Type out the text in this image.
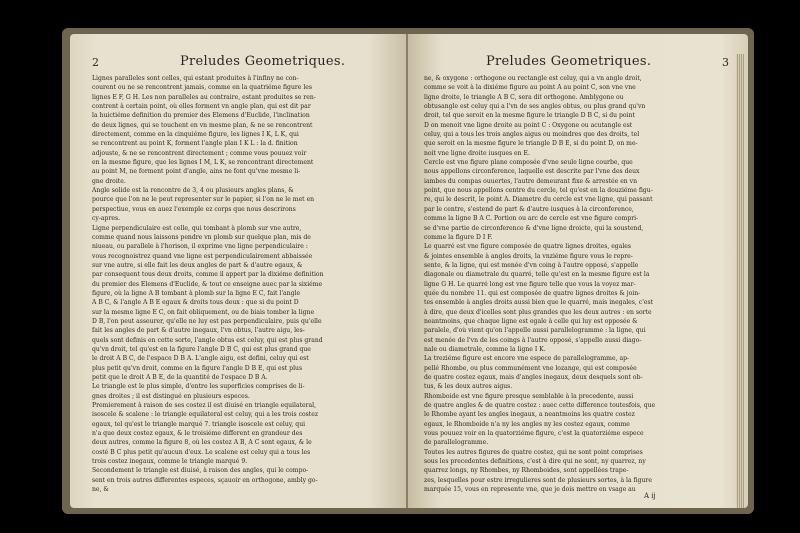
2	Preludes Geometriques.
Lignes paralleles sont celles, qui estant produites à l'infiny ne con-
courent ou ne se rencontrent jamais, comme en la quatriéme figure les
lignes E F, G H. Les non paralleles au contraire, estant produites se ren-
contrent à certain point, où elles forment vn angle plan, qui est dit par
la huictiéme definition du premier des Elemens d'Euclide, l'inclination
de deux lignes, qui se touchent en vn mesme plan, & ne se rencontrent
directement, comme en la cinquiéme figure, les lignes I K, L K, qui
se rencontrent au point K, forment l'angle plan I K L : la d. finition
adjouste, & ne se rencontrent directement ; comme vous pouuez voir
en la mesme figure, que les lignes I M, L K, se rencontrant directement
au point M, ne forment point d'angle, ains ne font qu'vne mesme li-
gne droite.
Angle solide est la rencontre de 3, 4 ou plusieurs angles plans, &
pource que l'on ne le peut representer sur le papier, si l'on ne le met en
perspectiue, vous en auez l'exemple ez corps que nous descrirons
cy-apres.
Ligne perpendiculaire est celle, qui tombant à plomb sur vne autre,
comme quand nous laissons pendre vn plomb sur quelque plan, mis de
niueau, ou parallele à l'horison, il exprime vne ligne perpendiculaire :
vous recognoistrez quand vne ligne est perpendiculairement abbaissée
sur vne autre, si elle fait les deux angles de part & d'autre egaux, &
par consequent tous deux droits, comme il appert par la dixiéme definition
du premier des Elemens d'Euclide, & tout ce enseigne auec par la sixiéme
figure, où la ligne A B tombant à plomb sur la ligne E C, fait l'angle
A B C, & l'angle A B E egaux & droits tous deux : que si du point D
sur la mesme ligne E C, on fait obliquement, ou de biais tomber la ligne
D B, l'on peut asseurer, qu'elle ne luy est pas perpendiculaire, puis qu'elle
fait les angles de part & d'autre inegaux, l'vn obtus, l'autre aigu, les-
quels sont definis en cette sorte, l'angle obtus est celuy, qui est plus grand
qu'vn droit, tel qu'est en la figure l'angle D B C, qui est plus grand que
le droit A B C, de l'espace D B A. L'angle aigu, est defini, celuy qui est
plus petit qu'vn droit, comme en la figure l'angle D B E, qui est plus
petit que le droit A B E, de la quantité de l'espace D B A.
Le triangle est le plus simple, d'entre les superficies comprises de li-
gnes droites ; il est distingué en plusieurs especes.
Premierement à raison de ses costez il est diuisé en triangle equilateral,
isoscele & scalene : le triangle equilateral est celuy, qui a les trois costez
egaux, tel qu'est le triangle marqué 7. triangle isoscele est celuy, qui
n'a que deux costez egaux, & le troisiéme different en grandeur des
deux autres, comme la figure 8, où les costez A B, A C sont egaux, & le
costé B C plus petit qu'aucun d'eux. Le scalene est celuy qui a tous les
trois costez inegaux, comme le triangle marqué 9.
Secondement le triangle est diuisé, à raison des angles, qui le compo-
sent en trois autres differentes especes, sçauoir en orthogone, ambly go-
ne, &
Preludes Geometriques.	3
ne, & oxygone : orthogone ou rectangle est celuy, qui a vn angle droit,
comme se voit à la dixiéme figure au point A au point C, son vne vne
ligne droite, le triangle A B C, sera dit orthogone. Amblygone ou
obtusangle est celuy qui a l'vn de ses angles obtus, ou plus grand qu'vn
droit, tel que seroit en la mesme figure le triangle D B C, si du point
D on menoit vne ligne droite au point C : Oxygone ou acutangle est
celuy, qui a tous les trois angles aigus ou moindres que des droits, tel
que seroit en la mesme figure le triangle D B E, si du point D, on me-
noit vne ligne droite iusques en E.
Cercle est vne figure plane composée d'vne seule ligne courbe, que
nous appellons circonference, laquelle est descrite par l'vne des deux
iambes du compas ouuertes, l'autre demeurant fixe & arrestée en vn
point, que nous appellons centre du cercle, tel qu'est en la douziéme figu-
re, qui le descrit, le point A. Diametre du cercle est vne ligne, qui passant
par le centre, s'estend de part & d'autre iusques à la circonference,
comme la ligne B A C. Portion ou arc de cercle est vne figure compri-
se d'vne partie de circonference & d'vne ligne droicte, qui la soustend,
comme la figure D I F.
Le quarré est vne figure composée de quatre lignes droites, egales
& jointes ensemble à angles droits, la vnziéme figure vous le repre-
sente, & la ligne, qui est menée d'vn coing à l'autre opposé, s'appelle
diagonale ou diametrale du quarré, telle qu'est en la mesme figure est la
ligne G H. Le quarré long est vne figure telle que vous la voyez mar-
quée du nombre 11. qui est composée de quatre lignes droites & join-
tes ensemble à angles droits aussi bien que le quarré, mais inegales, c'est
à dire, que deux d'icelles sont plus grandes que les deux autres : en sorte
neantmoins, que chaque ligne est egale à celle qui luy est opposée &
paralele, d'où vient qu'on l'appelle aussi parallelogramme : la ligne, qui
est menée de l'vn de les coings à l'autre opposé, s'appelle aussi diago-
nale ou diametrale, comme la ligne I K.
La treziéme figure est encore vne espece de parallelogramme, ap-
pellé Rhombe, ou plus communément vne lozange, qui est composée
de quatre costez egaux, mais d'angles inegaux, deux desquels sont ob-
tus, & les deux autres aigus.
Rhomboide est vne figure presque semblable à la precedente, aussi
de quatre angles & de quatre costez : auec cette difference toutesfois, que
le Rhombe ayant les angles inegaux, a neantmoins les quatre costez
egaux, le Rhomboide n'a ny les angles ny les costez egaux, comme
vous pouuez voir en la quatorziéme figure, c'est la quatorziéme espece
de parallelogramme.
Toutes les autres figures de quatre costez, qui ne sont point comprises
sous les precedentes definitions, c'est à dire qui ne sont, ny quarrez, ny
quarrez longs, ny Rhombes, ny Rhomboides, sont appellées trape-
zes, lesquelles pour estre irregulieres sont de plusieurs sortes, à la figure
marquée 15, vous en represente vne, que je dois mettre en vsage au
A ij
